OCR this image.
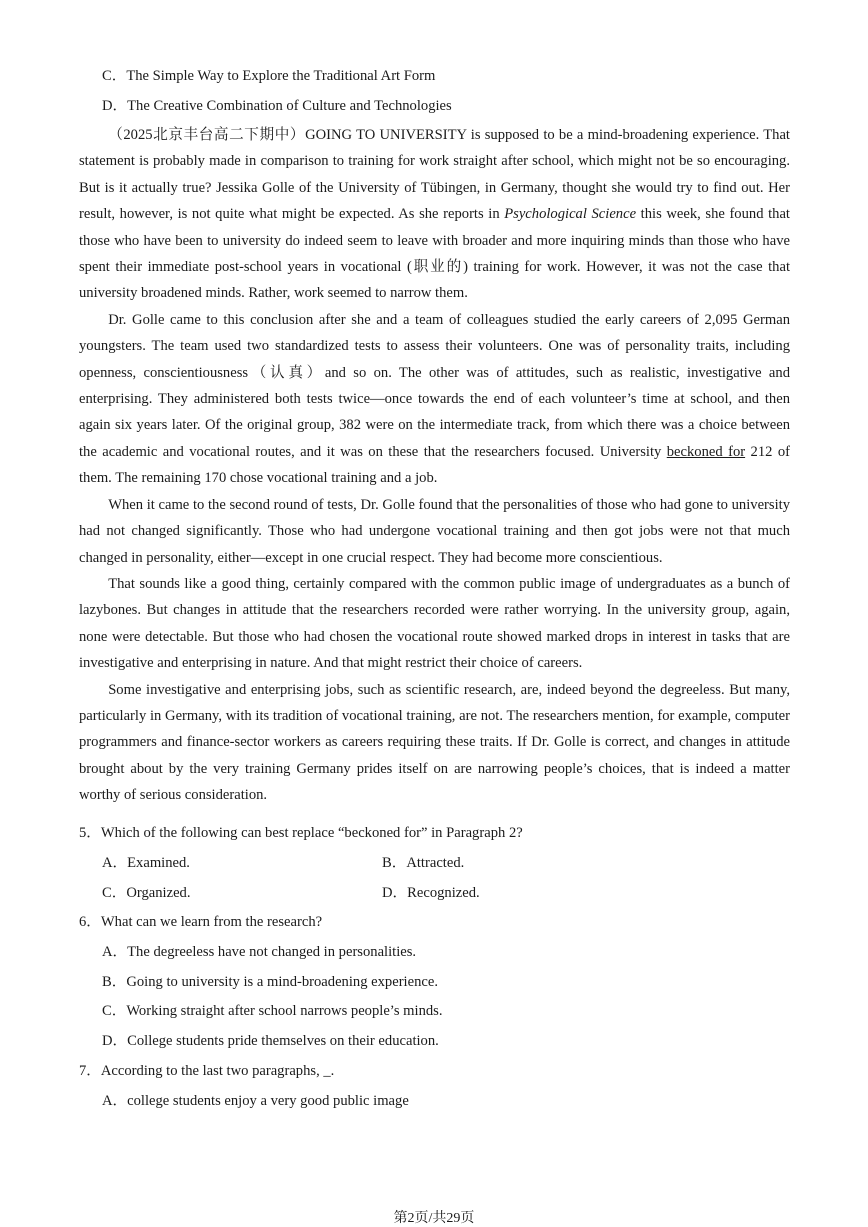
C．The Simple Way to Explore the Traditional Art Form
D．The Creative Combination of Culture and Technologies

（2025北京丰台高二下期中）GOING TO UNIVERSITY is supposed to be a mind-broadening experience. That statement is probably made in comparison to training for work straight after school, which might not be so encouraging. But is it actually true? Jessika Golle of the University of Tübingen, in Germany, thought she would try to find out. Her result, however, is not quite what might be expected. As she reports in Psychological Science this week, she found that those who have been to university do indeed seem to leave with broader and more inquiring minds than those who have spent their immediate post-school years in vocational (职业的) training for work. However, it was not the case that university broadened minds. Rather, work seemed to narrow them.

Dr. Golle came to this conclusion after she and a team of colleagues studied the early careers of 2,095 German youngsters. The team used two standardized tests to assess their volunteers. One was of personality traits, including openness, conscientiousness（认真）and so on. The other was of attitudes, such as realistic, investigative and enterprising. They administered both tests twice—once towards the end of each volunteer’s time at school, and then again six years later. Of the original group, 382 were on the intermediate track, from which there was a choice between the academic and vocational routes, and it was on these that the researchers focused. University beckoned for 212 of them. The remaining 170 chose vocational training and a job.

When it came to the second round of tests, Dr. Golle found that the personalities of those who had gone to university had not changed significantly. Those who had undergone vocational training and then got jobs were not that much changed in personality, either—except in one crucial respect. They had become more conscientious.

That sounds like a good thing, certainly compared with the common public image of undergraduates as a bunch of lazybones. But changes in attitude that the researchers recorded were rather worrying. In the university group, again, none were detectable. But those who had chosen the vocational route showed marked drops in interest in tasks that are investigative and enterprising in nature. And that might restrict their choice of careers.

Some investigative and enterprising jobs, such as scientific research, are, indeed beyond the degreeless. But many, particularly in Germany, with its tradition of vocational training, are not. The researchers mention, for example, computer programmers and finance-sector workers as careers requiring these traits. If Dr. Golle is correct, and changes in attitude brought about by the very training Germany prides itself on are narrowing people’s choices, that is indeed a matter worthy of serious consideration.

5．Which of the following can best replace “beckoned for” in Paragraph 2?
A．Examined.	B．Attracted.
C．Organized.	D．Recognized.
6．What can we learn from the research?
A．The degreeless have not changed in personalities.
B．Going to university is a mind-broadening experience.
C．Working straight after school narrows people’s minds.
D．College students pride themselves on their education.
7．According to the last two paragraphs, _.
A．college students enjoy a very good public image
第2页/共29页
